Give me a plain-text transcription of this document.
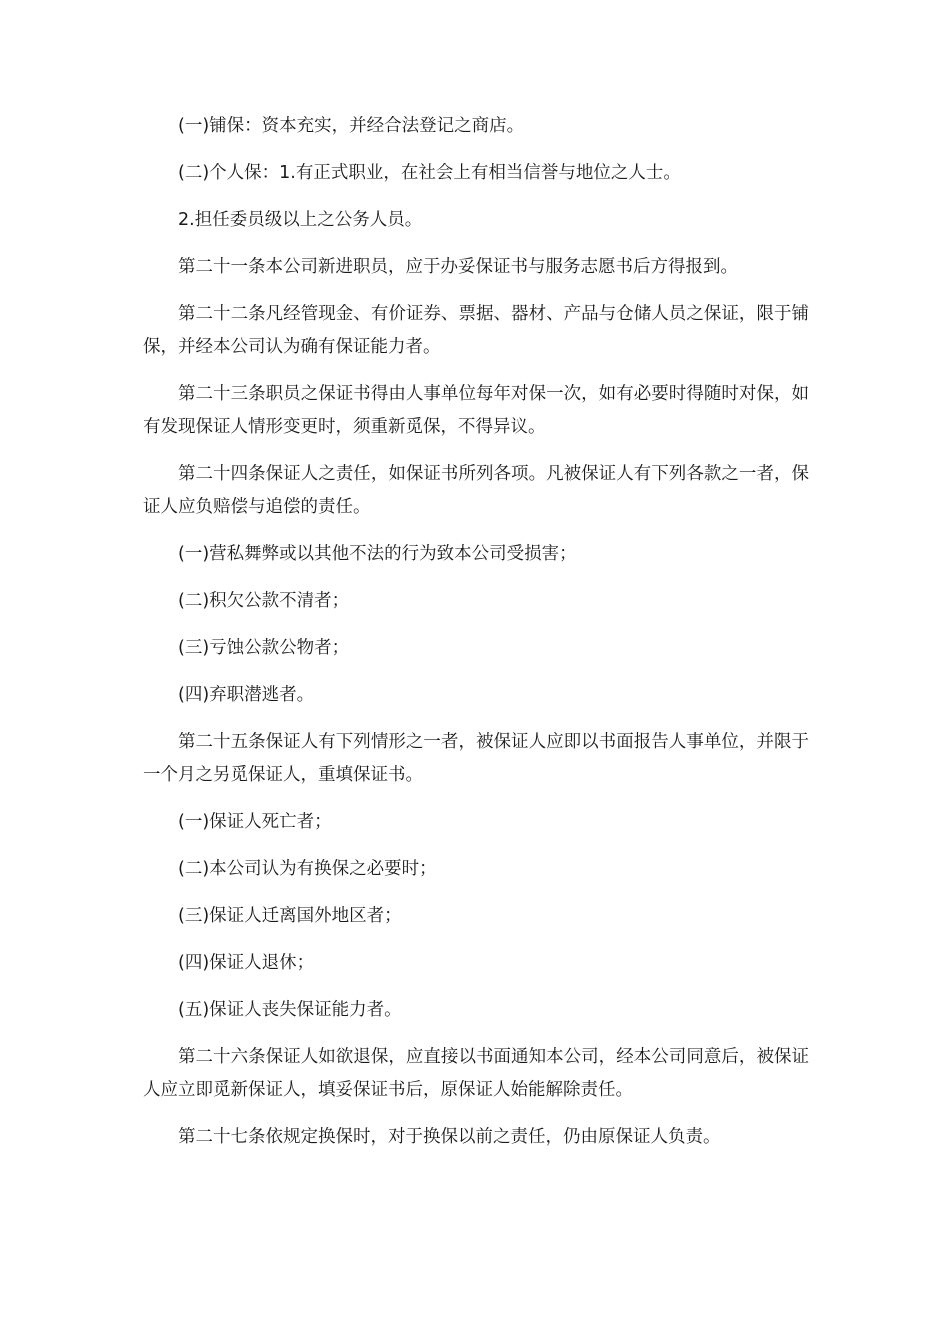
(一)铺保：资本充实，并经合法登记之商店。

(二)个人保：1.有正式职业，在社会上有相当信誉与地位之人士。

2.担任委员级以上之公务人员。

第二十一条本公司新进职员，应于办妥保证书与服务志愿书后方得报到。

第二十二条凡经管现金、有价证券、票据、器材、产品与仓储人员之保证，限于铺保，并经本公司认为确有保证能力者。

第二十三条职员之保证书得由人事单位每年对保一次，如有必要时得随时对保，如有发现保证人情形变更时，须重新觅保，不得异议。

第二十四条保证人之责任，如保证书所列各项。凡被保证人有下列各款之一者，保证人应负赔偿与追偿的责任。

(一)营私舞弊或以其他不法的行为致本公司受损害；

(二)积欠公款不清者；

(三)亏蚀公款公物者；

(四)弃职潜逃者。

第二十五条保证人有下列情形之一者，被保证人应即以书面报告人事单位，并限于一个月之另觅保证人，重填保证书。

(一)保证人死亡者；

(二)本公司认为有换保之必要时；

(三)保证人迁离国外地区者；

(四)保证人退休；

(五)保证人丧失保证能力者。

第二十六条保证人如欲退保，应直接以书面通知本公司，经本公司同意后，被保证人应立即觅新保证人，填妥保证书后，原保证人始能解除责任。

第二十七条依规定换保时，对于换保以前之责任，仍由原保证人负责。
